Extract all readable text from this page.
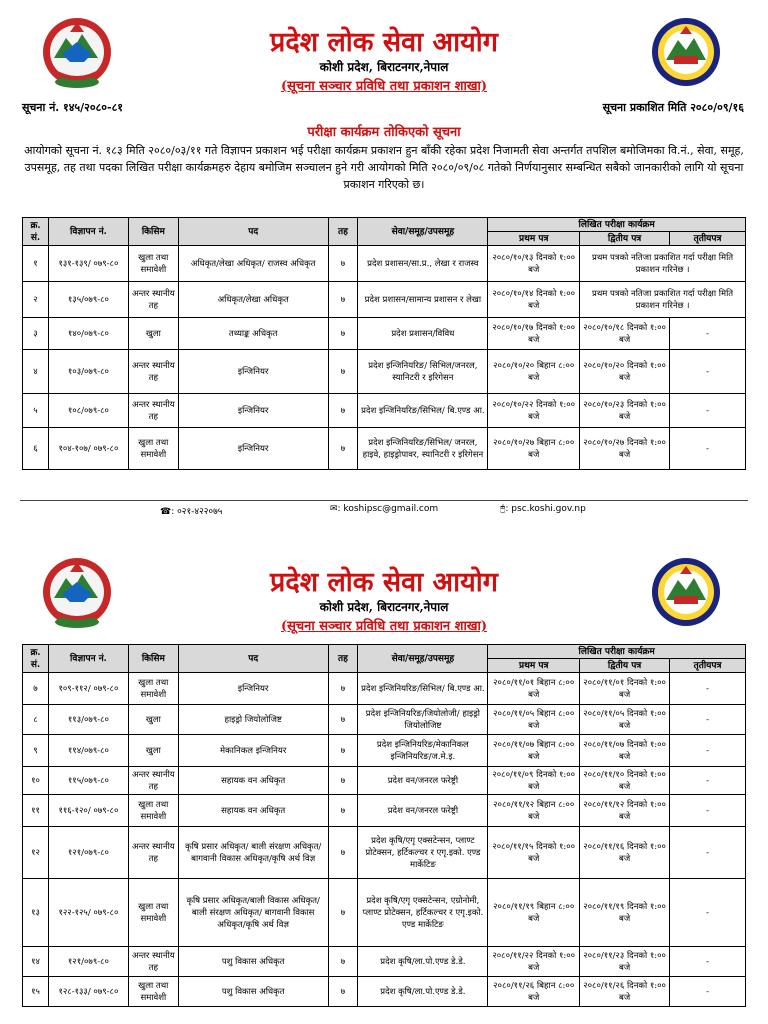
प्रदेश लोक सेवा आयोग
कोशी प्रदेश, बिराटनगर,नेपाल
(सूचना सञ्चार प्रविधि तथा प्रकाशन शाखा)
सूचना नं. १४५/२०८०-८१	सूचना प्रकाशित मिति २०८०/०९/१६
परीक्षा कार्यक्रम तोकिएको सूचना
आयोगको सूचना नं. १८३ मिति २०८०/०३/११ गते विज्ञापन प्रकाशन भई परीक्षा कार्यक्रम प्रकाशन हुन बाँकी रहेका प्रदेश निजामती सेवा अन्तर्गत तपशिल बमोजिमका वि.नं., सेवा, समूह, उपसमूह, तह तथा पदका लिखित परीक्षा कार्यक्रमहरु देहाय बमोजिम सञ्चालन हुने गरी आयोगको मिति २०८०/०९/०८ गतेको निर्णयानुसार सम्बन्धित सबैको जानकारीको लागि यो सूचना प्रकाशन गरिएको छ।
क्र. सं.	विज्ञापन नं.	किसिम	पद	तह	सेवा/समूह/उपसमूह	लिखित परीक्षा कार्यक्रम		
						प्रथम पत्र	द्वितीय पत्र	तृतीयपत्र
१	१३१-१३९/ ०७९-८०	खुला तथा समावेशी	अधिकृत/लेखा अधिकृत/ राजस्व अधिकृत	७	प्रदेश प्रशासन/सा.प्र., लेखा र राजस्व	२०८०/१०/१३ दिनको १:०० बजे	प्रथम पत्रको नतिजा प्रकाशित गर्दा परीक्षा मिति प्रकाशन गरिनेछ ।	
२	१३५/०७९-८०	अन्तर स्थानीय तह	अधिकृत/लेखा अधिकृत	७	प्रदेश प्रशासन/सामान्य प्रशासन र लेखा	२०८०/१०/१४ दिनको १:०० बजे	प्रथम पत्रको नतिजा प्रकाशित गर्दा परीक्षा मिति प्रकाशन गरिनेछ ।	
३	१४०/०७९-८०	खुला	तथ्याङ्क अधिकृत	७	प्रदेश प्रशासन/विविध	२०८०/१०/१७ दिनको १:०० बजे	२०८०/१०/१८ दिनको १:०० बजे	-
४	१०३/०७९-८०	अन्तर स्थानीय तह	इन्जिनियर	७	प्रदेश इन्जिनियरिङ/ सिभिल/जनरल, स्यानिटरी र इरिगेसन	२०८०/१०/२० बिहान ८:०० बजे	२०८०/१०/२० दिनको १:०० बजे	-
५	१०८/०७९-८०	अन्तर स्थानीय तह	इन्जिनियर	७	प्रदेश इन्जिनियरिङ/सिभिल/ बि.एण्ड आ.	२०८०/१०/२२ दिनको १:०० बजे	२०८०/१०/२३ दिनको १:०० बजे	-
६	१०४-१०७/ ०७९-८०	खुला तथा समावेशी	इन्जिनियर	७	प्रदेश इन्जिनियरिङ/सिभिल/ जनरल, हाइवे, हाइड्रोपावर, स्यानिटरी र इरिगेसन	२०८०/१०/२७ बिहान ८:०० बजे	२०८०/१०/२७ दिनको १:०० बजे	-
☎: ०२१-४२२०७५	✉: koshipsc@gmail.com	🖰: psc.koshi.gov.np
प्रदेश लोक सेवा आयोग
कोशी प्रदेश, बिराटनगर,नेपाल
(सूचना सञ्चार प्रविधि तथा प्रकाशन शाखा)
क्र. सं.	विज्ञापन नं.	किसिम	पद	तह	सेवा/समूह/उपसमूह	लिखित परीक्षा कार्यक्रम		
						प्रथम पत्र	द्वितीय पत्र	तृतीयपत्र
७	१०९-११२/ ०७९-८०	खुला तथा समावेशी	इन्जिनियर	७	प्रदेश इन्जिनियरिङ/सिभिल/ बि.एण्ड आ.	२०८०/११/०१ बिहान ८:०० बजे	२०८०/११/०१ दिनको १:०० बजे	-
८	११३/०७९-८०	खुला	हाइड्रो जियोलोजिष्ट	७	प्रदेश इन्जिनियरिङ/जियोलोजी/ हाइड्रो जियोलोजिष्ट	२०८०/११/०५ बिहान ८:०० बजे	२०८०/११/०५ दिनको १:०० बजे	-
९	११४/०७९-८०	खुला	मेकानिकल इन्जिनियर	७	प्रदेश इन्जिनियरिङ/मेकानिकल इन्जिनियरिङ/ज.मे.इ.	२०८०/११/०७ बिहान ८:०० बजे	२०८०/११/०७ दिनको १:०० बजे	-
१०	११५/०७९-८०	अन्तर स्थानीय तह	सहायक वन अधिकृत	७	प्रदेश वन/जनरल फरेष्ट्री	२०८०/११/०९ दिनको १:०० बजे	२०८०/११/१० दिनको १:०० बजे	-
११	११६-१२०/ ०७९-८०	खुला तथा समावेशी	सहायक वन अधिकृत	७	प्रदेश वन/जनरल फरेष्ट्री	२०८०/११/१२ बिहान ८:०० बजे	२०८०/११/१२ दिनको १:०० बजे	-
१२	१२१/०७९-८०	अन्तर स्थानीय तह	कृषि प्रसार अधिकृत/ बाली संरक्षण अधिकृत/ बागवानी विकास अधिकृत/कृषि अर्थ विज्ञ	७	प्रदेश कृषि/एगृ एक्सटेन्सन, प्लाण्ट प्रोटेक्सन, हर्टिकल्चर र एगृ.इको. एण्ड मार्केटिङ	२०८०/११/१५ दिनको १:०० बजे	२०८०/११/१६ दिनको १:०० बजे	-
१३	१२२-१२५/ ०७९-८०	खुला तथा समावेशी	कृषि प्रसार अधिकृत/बाली विकास अधिकृत/ बाली संरक्षण अधिकृत/ बागवानी विकास अधिकृत/कृषि अर्थ विज्ञ	७	प्रदेश कृषि/एगृ एक्सटेन्सन, एग्रोनोमी, प्लाण्ट प्रोटेक्सन, हर्टिकल्चर र एगृ.इको. एण्ड मार्केटिङ	२०८०/११/१९ बिहान ८:०० बजे	२०८०/११/१९ दिनको १:०० बजे	-
१४	१२१/०७९-८०	अन्तर स्थानीय तह	पशु विकास अधिकृत	७	प्रदेश कृषि/ला.पो.एण्ड डे.डे.	२०८०/११/२२ दिनको १:०० बजे	२०८०/११/२३ दिनको १:०० बजे	-
१५	१२८-१३३/ ०७९-८०	खुला तथा समावेशी	पशु विकास अधिकृत	७	प्रदेश कृषि/ला.पो.एण्ड डे.डे.	२०८०/११/२६ बिहान ८:०० बजे	२०८०/११/२६ दिनको १:०० बजे	-
